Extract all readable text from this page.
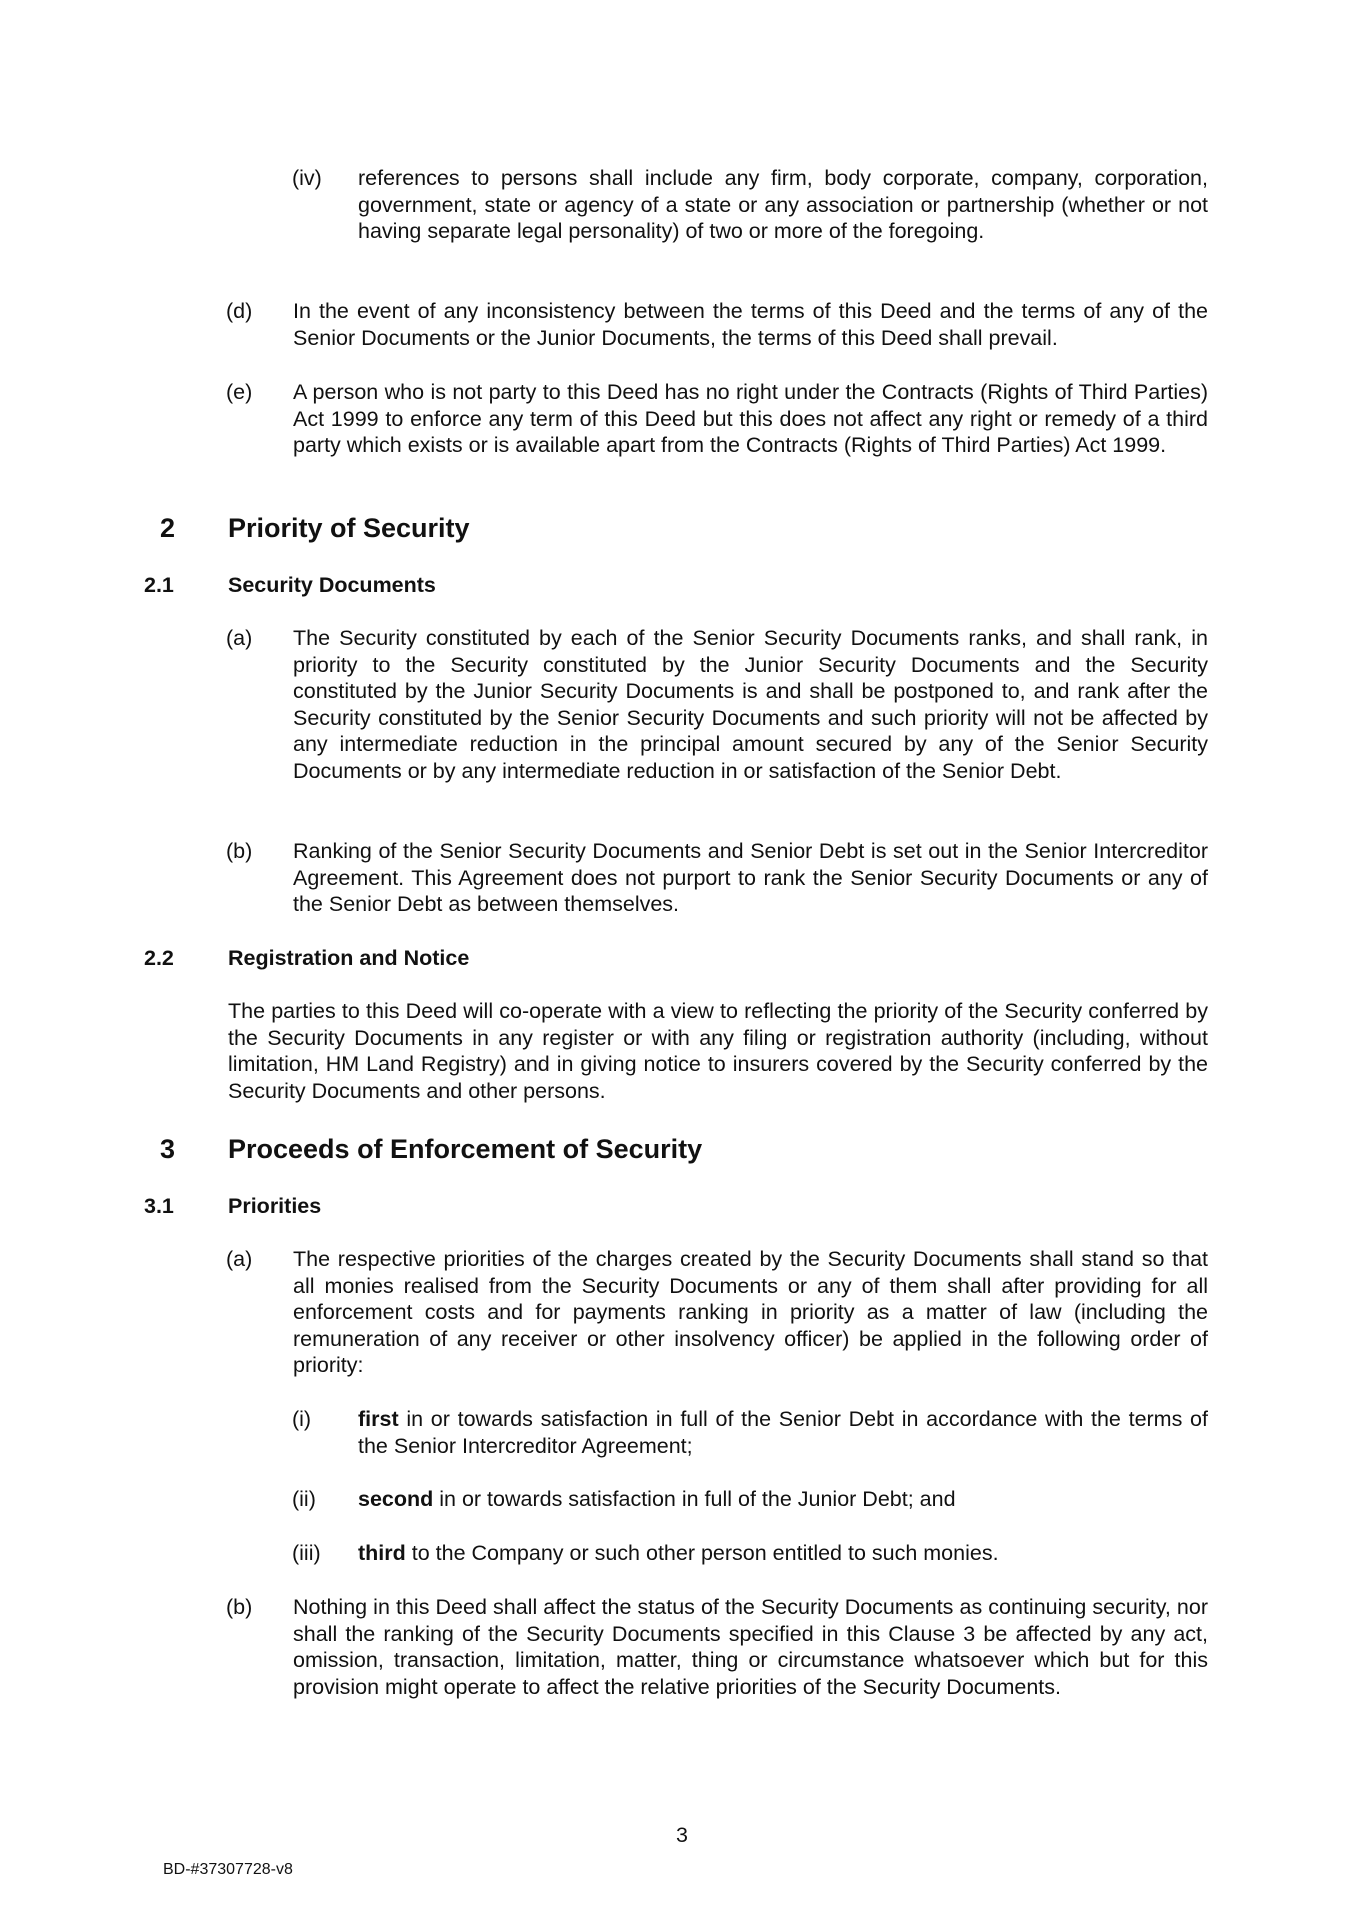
(iv) references to persons shall include any firm, body corporate, company, corporation, government, state or agency of a state or any association or partnership (whether or not having separate legal personality) of two or more of the foregoing.

(d) In the event of any inconsistency between the terms of this Deed and the terms of any of the Senior Documents or the Junior Documents, the terms of this Deed shall prevail.

(e) A person who is not party to this Deed has no right under the Contracts (Rights of Third Parties) Act 1999 to enforce any term of this Deed but this does not affect any right or remedy of a third party which exists or is available apart from the Contracts (Rights of Third Parties) Act 1999.

2 Priority of Security
2.1	Security Documents
(a) The Security constituted by each of the Senior Security Documents ranks, and shall rank, in priority to the Security constituted by the Junior Security Documents and the Security constituted by the Junior Security Documents is and shall be postponed to, and rank after the Security constituted by the Senior Security Documents and such priority will not be affected by any intermediate reduction in the principal amount secured by any of the Senior Security Documents or by any intermediate reduction in or satisfaction of the Senior Debt.

(b) Ranking of the Senior Security Documents and Senior Debt is set out in the Senior Intercreditor Agreement. This Agreement does not purport to rank the Senior Security Documents or any of the Senior Debt as between themselves.

2.2	Registration and Notice

The parties to this Deed will co-operate with a view to reflecting the priority of the Security conferred by the Security Documents in any register or with any filing or registration authority (including, without limitation, HM Land Registry) and in giving notice to insurers covered by the Security conferred by the Security Documents and other persons.

3 Proceeds of Enforcement of Security
3.1	Priorities
(a) The respective priorities of the charges created by the Security Documents shall stand so that all monies realised from the Security Documents or any of them shall after providing for all enforcement costs and for payments ranking in priority as a matter of law (including the remuneration of any receiver or other insolvency officer) be applied in the following order of priority:

(i) first in or towards satisfaction in full of the Senior Debt in accordance with the terms of the Senior Intercreditor Agreement;

(ii) second in or towards satisfaction in full of the Junior Debt; and

(iii) third to the Company or such other person entitled to such monies.

(b) Nothing in this Deed shall affect the status of the Security Documents as continuing security, nor shall the ranking of the Security Documents specified in this Clause 3 be affected by any act, omission, transaction, limitation, matter, thing or circumstance whatsoever which but for this provision might operate to affect the relative priorities of the Security Documents.

3
BD-#37307728-v8
